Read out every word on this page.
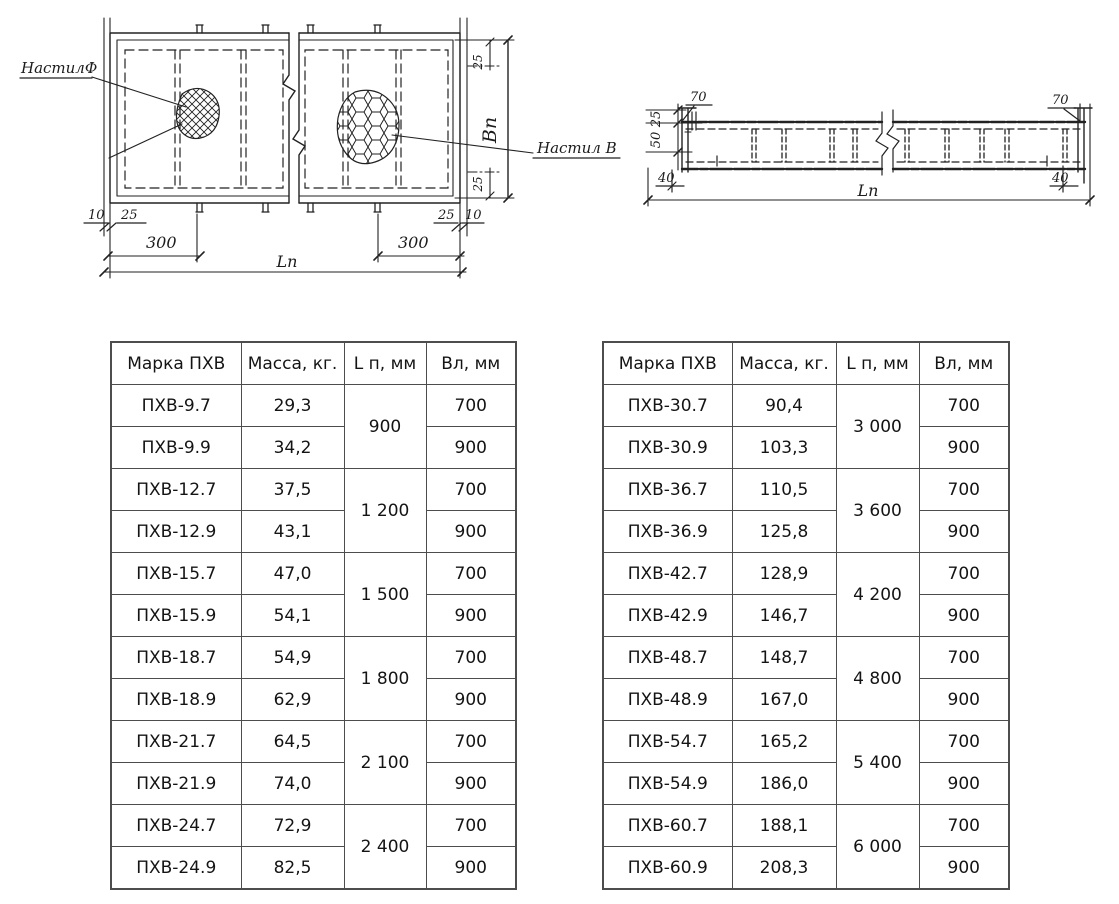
НастилФ
Настил В
Вп
25
25
10 25
300	300
25 10
Lп
70	70
25
50
40	40
Lп
Марка ПХВ	Масса, кг.	L п, мм	Вл, мм
ПХВ-9.7	29,3	900	700
ПХВ-9.9	34,2		900
ПХВ-12.7	37,5	1 200	700
ПХВ-12.9	43,1		900
ПХВ-15.7	47,0	1 500	700
ПХВ-15.9	54,1		900
ПХВ-18.7	54,9	1 800	700
ПХВ-18.9	62,9		900
ПХВ-21.7	64,5	2 100	700
ПХВ-21.9	74,0		900
ПХВ-24.7	72,9	2 400	700
ПХВ-24.9	82,5		900
Марка ПХВ	Масса, кг.	L п, мм	Вл, мм
ПХВ-30.7	90,4	3 000	700
ПХВ-30.9	103,3		900
ПХВ-36.7	110,5	3 600	700
ПХВ-36.9	125,8		900
ПХВ-42.7	128,9	4 200	700
ПХВ-42.9	146,7		900
ПХВ-48.7	148,7	4 800	700
ПХВ-48.9	167,0		900
ПХВ-54.7	165,2	5 400	700
ПХВ-54.9	186,0		900
ПХВ-60.7	188,1	6 000	700
ПХВ-60.9	208,3		900
